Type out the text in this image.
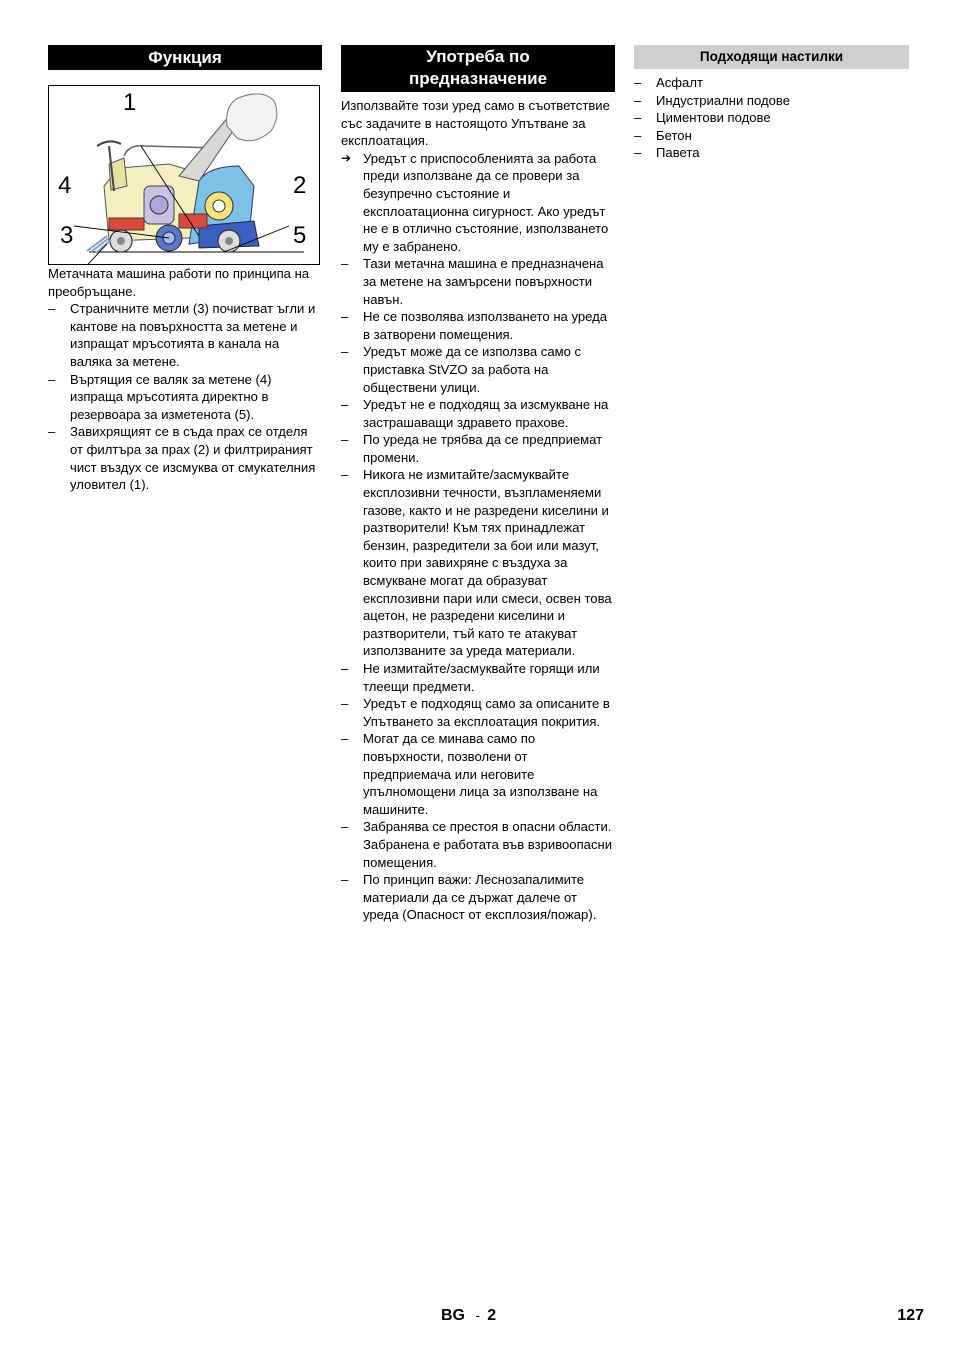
Функция
1
4
3
2
5

Метачната машина работи по принципа на преобръщане.

– Страничните метли (3) почистват ъгли и кантове на повърхността за метене и изпращат мръсотията в канала на валяка за метене.
– Въртящия се валяк за метене (4) изпраща мръсотията директно в резервоара за изметенота (5).
– Завихрящият се в съда прах се отделя от филтъра за прах (2) и филтрираният чист въздух се изсмуква от смукателния уловител (1).
Употреба по предназначение

Използвайте този уред само в съответствие със задачите в настоящото Упътване за експлоатация.

➔ Уредът с приспособленията за работа преди използване да се провери за безупречно състояние и експлоатационна сигурност. Ако уредът не е в отлично състояние, използването му е забранено.
– Тази метачна машина е предназначена за метене на замърсени повърхности навън.
– Не се позволява използването на уреда в затворени помещения.
– Уредът може да се използва само с приставка StVZO за работа на обществени улици.
– Уредът не е подходящ за изсмукване на застрашаващи здравето прахове.
– По уреда не трябва да се предприемат промени.
– Никога не измитайте/засмуквайте експлозивни течности, възпламеняеми газове, както и не разредени киселини и разтворители! Към тях принадлежат бензин, разредители за бои или мазут, които при завихряне с въздуха за всмукване могат да образуват експлозивни пари или смеси, освен това ацетон, не разредени киселини и разтворители, тъй като те атакуват използваните за уреда материали.
– Не измитайте/засмуквайте горящи или тлеещи предмети.
– Уредът е подходящ само за описаните в Упътването за експлоатация покрития.
– Могат да се минава само по повърхности, позволени от предприемача или неговите упълномощени лица за използване на машините.
– Забранява се престоя в опасни области. Забранена е работата във взривоопасни помещения.
– По принцип важи: Леснозапалимите материали да се държат далече от уреда (Опасност от експлозия/пожар).
Подходящи настилки
– Асфалт
– Индустриални подове
– Циментови подове
– Бетон
– Павета
BG - 2	127
